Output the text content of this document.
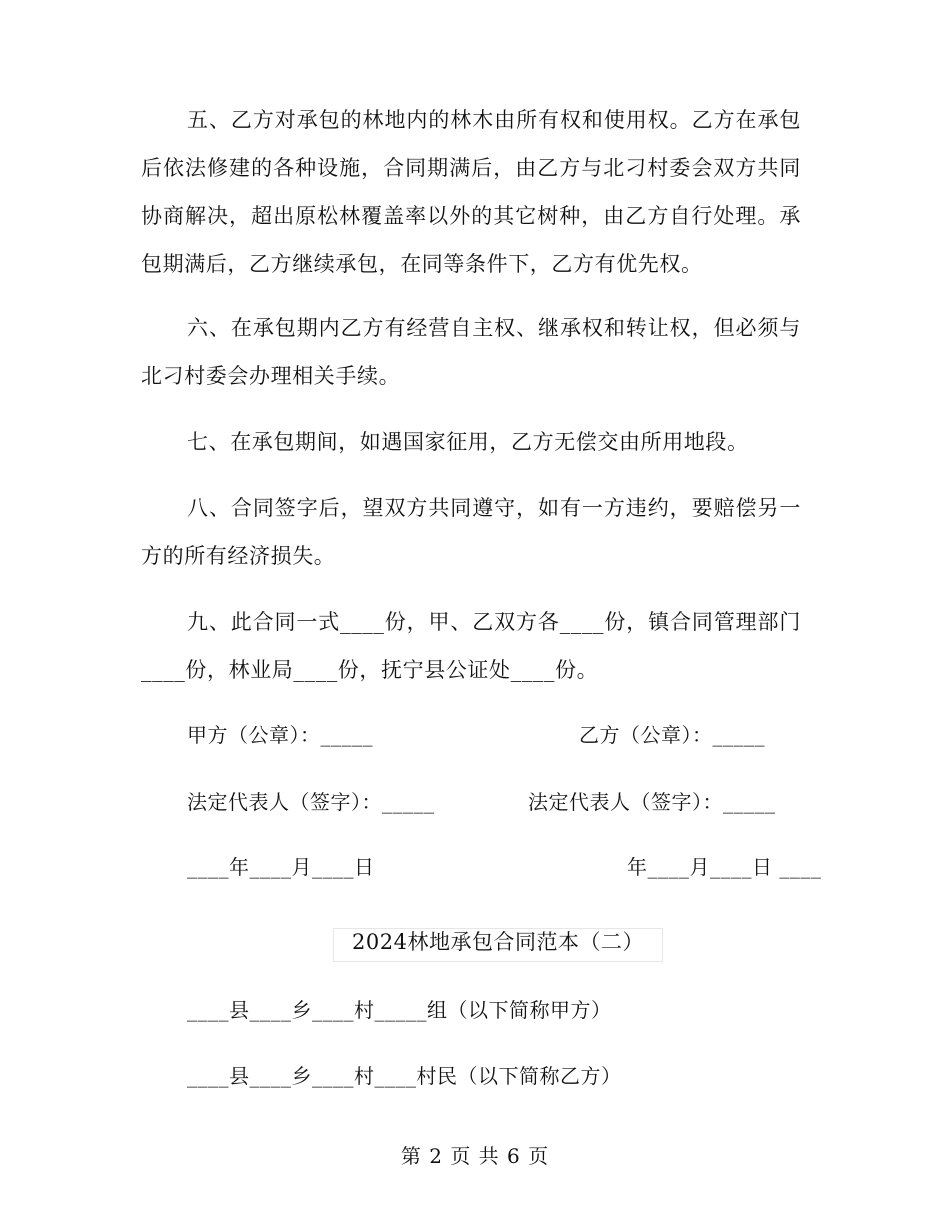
五、乙方对承包的林地内的林木由所有权和使用权。乙方在承包后依法修建的各种设施，合同期满后，由乙方与北刁村委会双方共同协商解决，超出原松林覆盖率以外的其它树种，由乙方自行处理。承包期满后，乙方继续承包，在同等条件下，乙方有优先权。
六、在承包期内乙方有经营自主权、继承权和转让权，但必须与北刁村委会办理相关手续。
七、在承包期间，如遇国家征用，乙方无偿交由所用地段。
八、合同签字后，望双方共同遵守，如有一方违约，要赔偿另一方的所有经济损失。
九、此合同一式____份，甲、乙双方各____份，镇合同管理部门____份，林业局____份，抚宁县公证处____份。
甲方（公章）：_____	乙方（公章）：_____
法定代表人（签字）：_____	法定代表人（签字）：_____
____年____月____日	年____月____日 ____
2024林地承包合同范本（二）
____县____乡____村_____组（以下简称甲方）
____县____乡____村____村民（以下简称乙方）
第 2 页 共 6 页
